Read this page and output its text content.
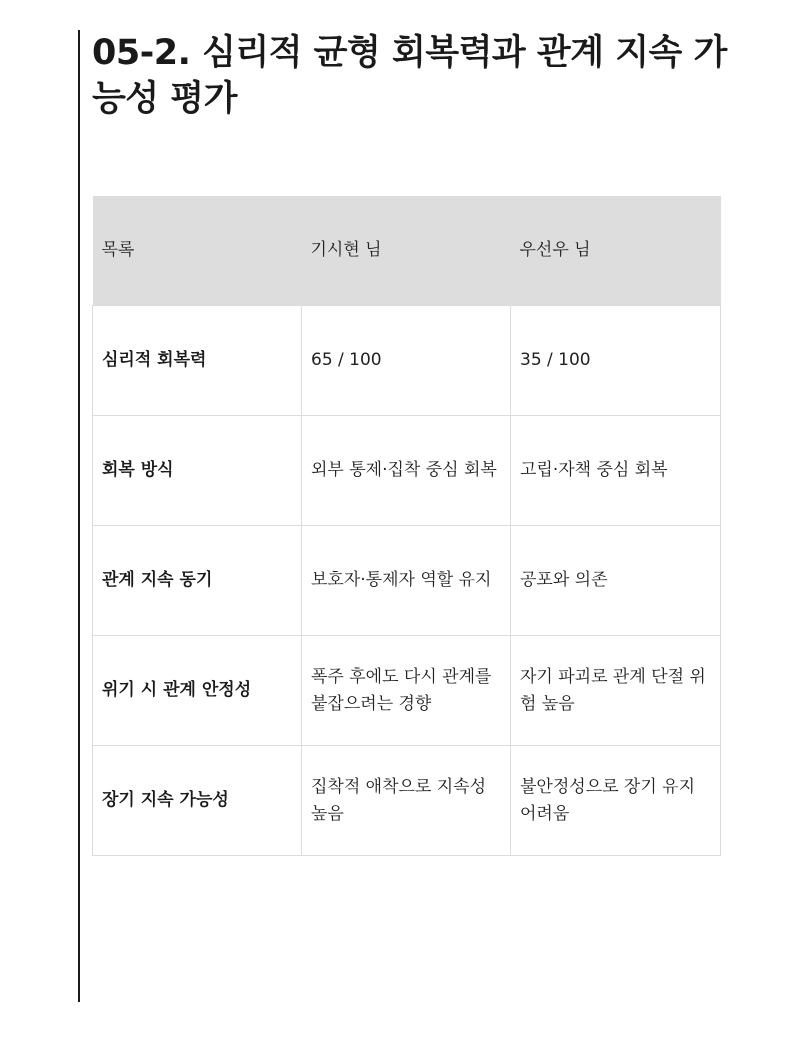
05-2. 심리적 균형 회복력과 관계 지속 가능성 평가
목록	기시현 님	우선우 님
심리적 회복력	65 / 100	35 / 100
회복 방식	외부 통제·집착 중심 회복	고립·자책 중심 회복
관계 지속 동기	보호자·통제자 역할 유지	공포와 의존
위기 시 관계 안정성	폭주 후에도 다시 관계를 붙잡으려는 경향	자기 파괴로 관계 단절 위험 높음
장기 지속 가능성	집착적 애착으로 지속성 높음	불안정성으로 장기 유지 어려움
